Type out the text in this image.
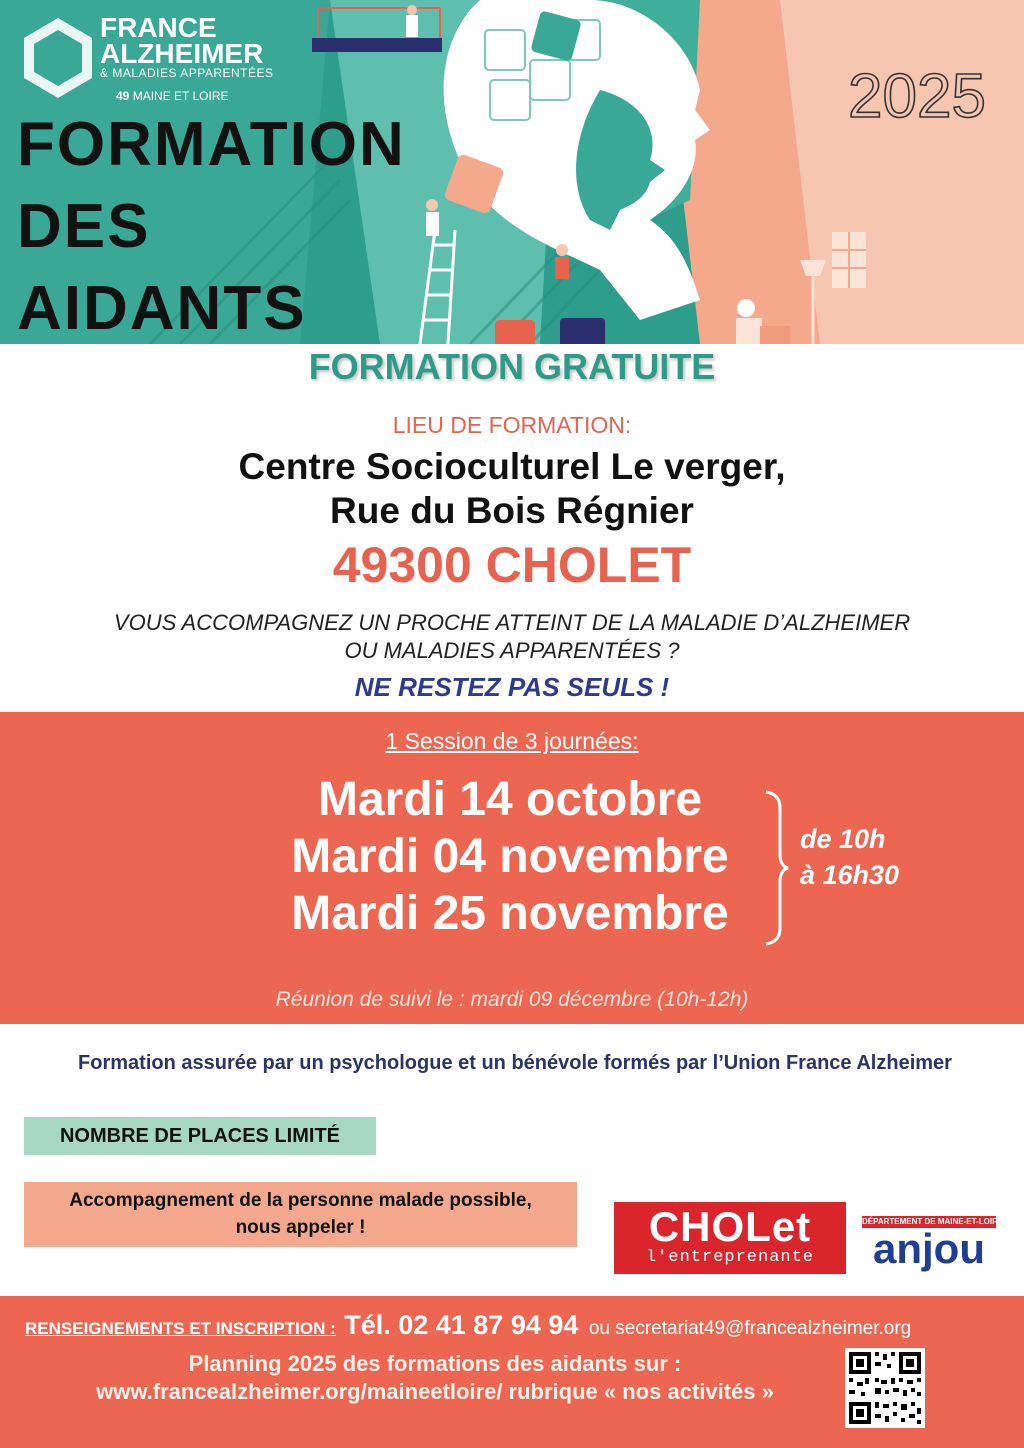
FRANCE
ALZHEIMER
& MALADIES APPARENTÉES
49 MAINE ET LOIRE
FORMATION
DES
AIDANTS
2025
FORMATION GRATUITE
LIEU DE FORMATION:
Centre Socioculturel Le verger,
Rue du Bois Régnier
49300 CHOLET
VOUS ACCOMPAGNEZ UN PROCHE ATTEINT DE LA MALADIE D’ALZHEIMER
OU MALADIES APPARENTÉES ?
NE RESTEZ PAS SEULS !
1 Session de 3 journées:
Mardi 14 octobre
Mardi 04 novembre
Mardi 25 novembre
de 10h
à 16h30
Réunion de suivi le : mardi 09 décembre (10h-12h)
Formation assurée par un psychologue et un bénévole formés par l’Union France Alzheimer
NOMBRE DE PLACES LIMITÉ
Accompagnement de la personne malade possible,
nous appeler !	CHOLet
l'entreprenante
DÉPARTEMENT DE MAINE-ET-LOIRE
anjou
RENSEIGNEMENTS ET INSCRIPTION : Tél. 02 41 87 94 94 ou secretariat49@francealzheimer.org
Planning 2025 des formations des aidants sur :
www.francealzheimer.org/maineetloire/ rubrique « nos activités »
